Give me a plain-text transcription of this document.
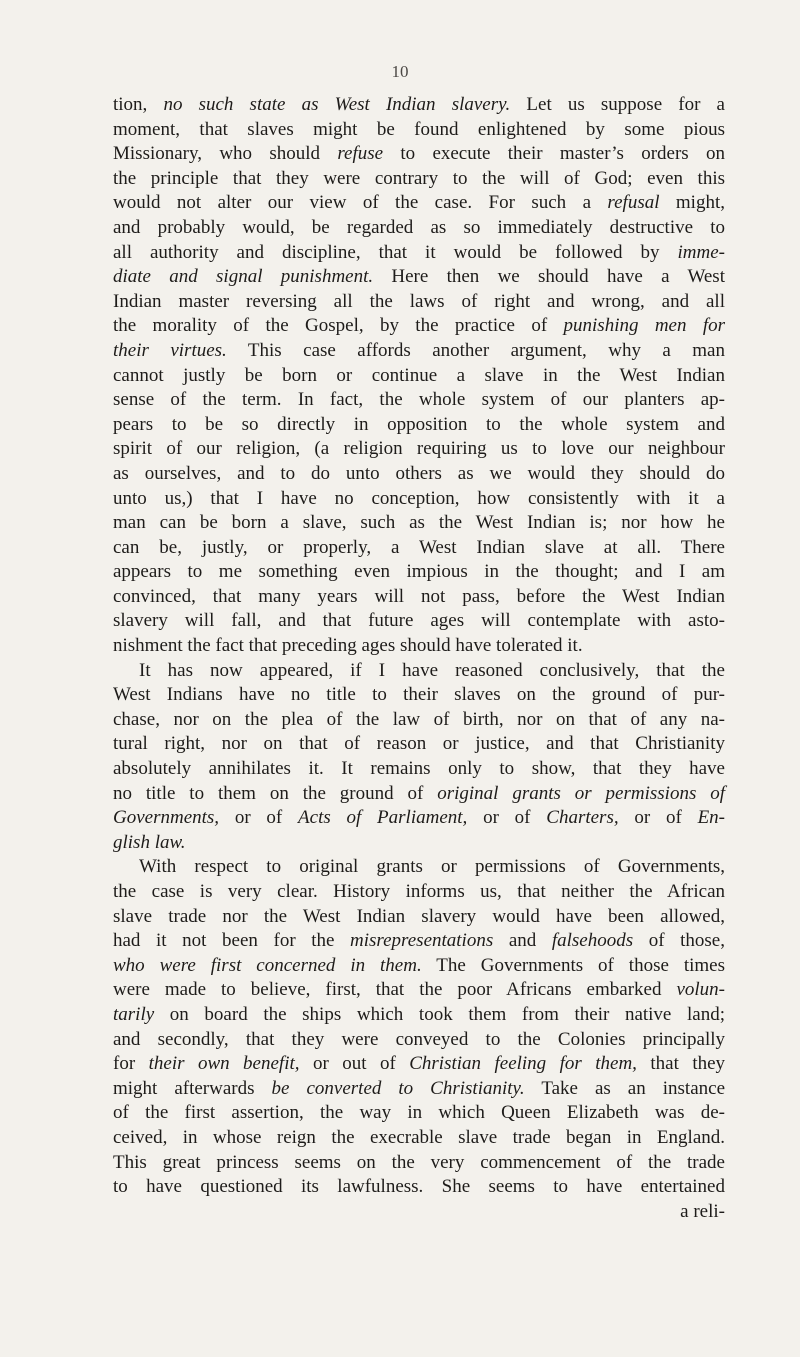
10
tion, no such state as West Indian slavery. Let us suppose for a
moment, that slaves might be found enlightened by some pious
Missionary, who should refuse to execute their master’s orders on
the principle that they were contrary to the will of God; even this
would not alter our view of the case. For such a refusal might,
and probably would, be regarded as so immediately destructive to
all authority and discipline, that it would be followed by imme-
diate and signal punishment. Here then we should have a West
Indian master reversing all the laws of right and wrong, and all
the morality of the Gospel, by the practice of punishing men for
their virtues. This case affords another argument, why a man
cannot justly be born or continue a slave in the West Indian
sense of the term. In fact, the whole system of our planters ap-
pears to be so directly in opposition to the whole system and
spirit of our religion, (a religion requiring us to love our neighbour
as ourselves, and to do unto others as we would they should do
unto us,) that I have no conception, how consistently with it a
man can be born a slave, such as the West Indian is; nor how he
can be, justly, or properly, a West Indian slave at all. There
appears to me something even impious in the thought; and I am
convinced, that many years will not pass, before the West Indian
slavery will fall, and that future ages will contemplate with asto-
nishment the fact that preceding ages should have tolerated it.
It has now appeared, if I have reasoned conclusively, that the
West Indians have no title to their slaves on the ground of pur-
chase, nor on the plea of the law of birth, nor on that of any na-
tural right, nor on that of reason or justice, and that Christianity
absolutely annihilates it. It remains only to show, that they have
no title to them on the ground of original grants or permissions of
Governments, or of Acts of Parliament, or of Charters, or of En-
glish law.
With respect to original grants or permissions of Governments,
the case is very clear. History informs us, that neither the African
slave trade nor the West Indian slavery would have been allowed,
had it not been for the misrepresentations and falsehoods of those,
who were first concerned in them. The Governments of those times
were made to believe, first, that the poor Africans embarked volun-
tarily on board the ships which took them from their native land;
and secondly, that they were conveyed to the Colonies principally
for their own benefit, or out of Christian feeling for them, that they
might afterwards be converted to Christianity. Take as an instance
of the first assertion, the way in which Queen Elizabeth was de-
ceived, in whose reign the execrable slave trade began in England.
This great princess seems on the very commencement of the trade
to have questioned its lawfulness. She seems to have entertained
a reli-
